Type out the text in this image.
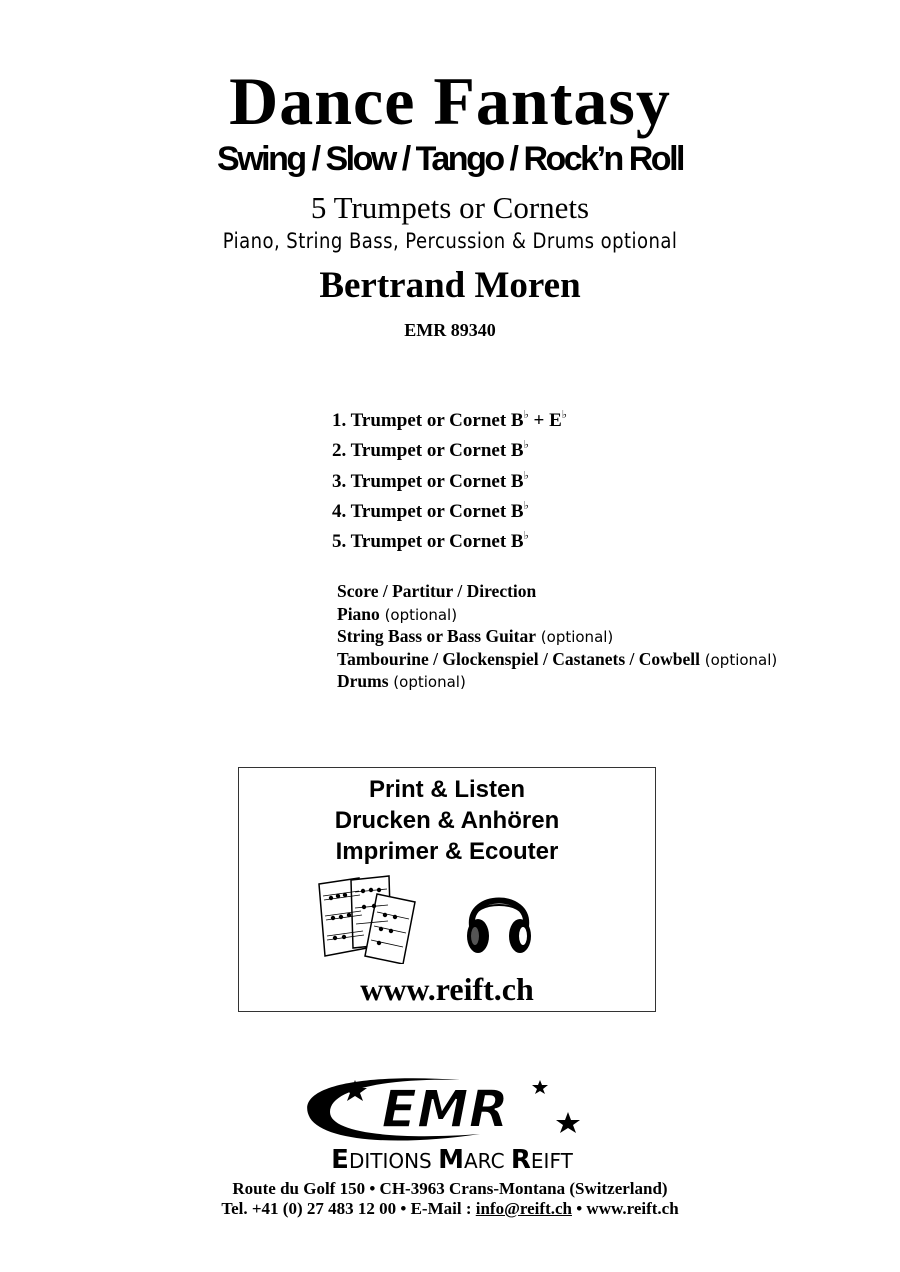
Dance Fantasy
Swing / Slow / Tango / Rock’n Roll
5 Trumpets or Cornets
Piano, String Bass, Percussion & Drums optional
Bertrand Moren
EMR 89340
1. Trumpet or Cornet B♭ + E♭
2. Trumpet or Cornet B♭
3. Trumpet or Cornet B♭
4. Trumpet or Cornet B♭
5. Trumpet or Cornet B♭
Score / Partitur / Direction
Piano (optional)
String Bass or Bass Guitar (optional)
Tambourine / Glockenspiel / Castanets / Cowbell (optional)
Drums (optional)
Print & Listen
Drucken & Anhören
Imprimer & Ecouter
www.reift.ch
EMR
EDITIONS MARC REIFT
Route du Golf 150 • CH-3963 Crans-Montana (Switzerland)
Tel. +41 (0) 27 483 12 00 • E-Mail : info@reift.ch • www.reift.ch
